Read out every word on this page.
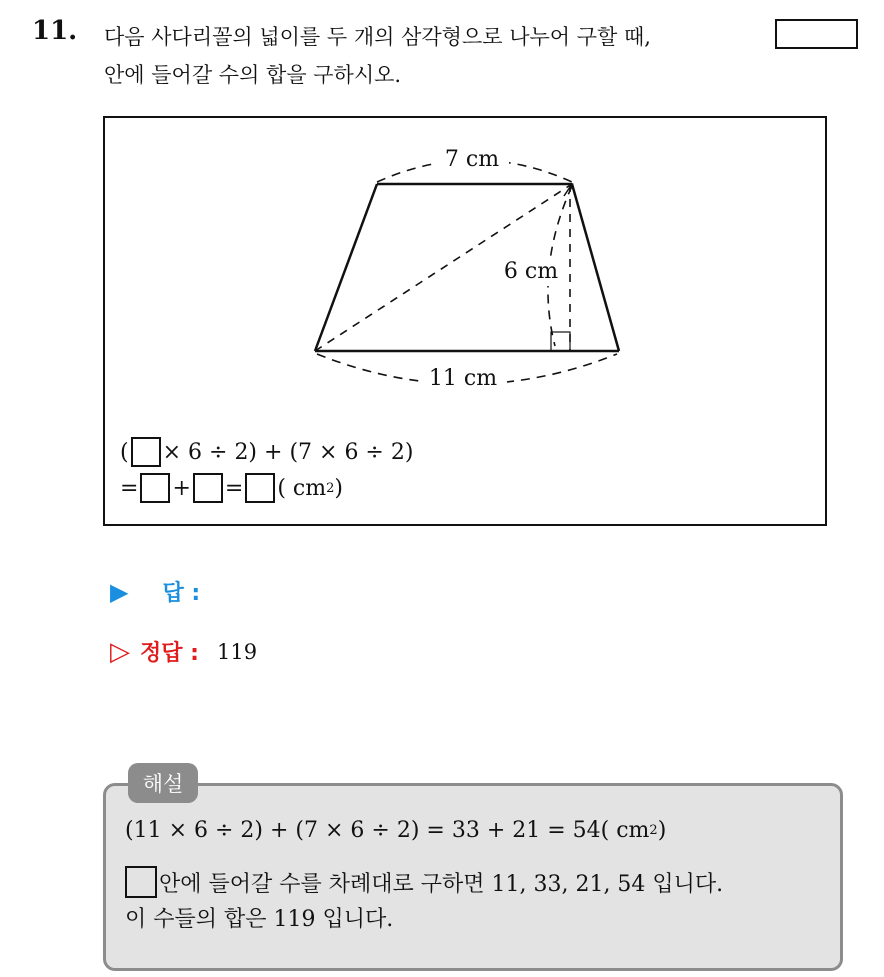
11. 다음 사다리꼴의 넓이를 두 개의 삼각형으로 나누어 구할 때,
안에 들어갈 수의 합을 구하시오.
7 cm
6 cm
11 cm
( × 6 ÷ 2) + (7 × 6 ÷ 2)
= + = ( cm 2 )
▶ 답 :
▷ 정답 : 119
해설
(11 × 6 ÷ 2) + (7 × 6 ÷ 2) = 33 + 21 = 54( cm 2 )
안에 들어갈 수를 차례대로 구하면 11, 33, 21, 54 입니다.
이 수들의 합은 119 입니다.
